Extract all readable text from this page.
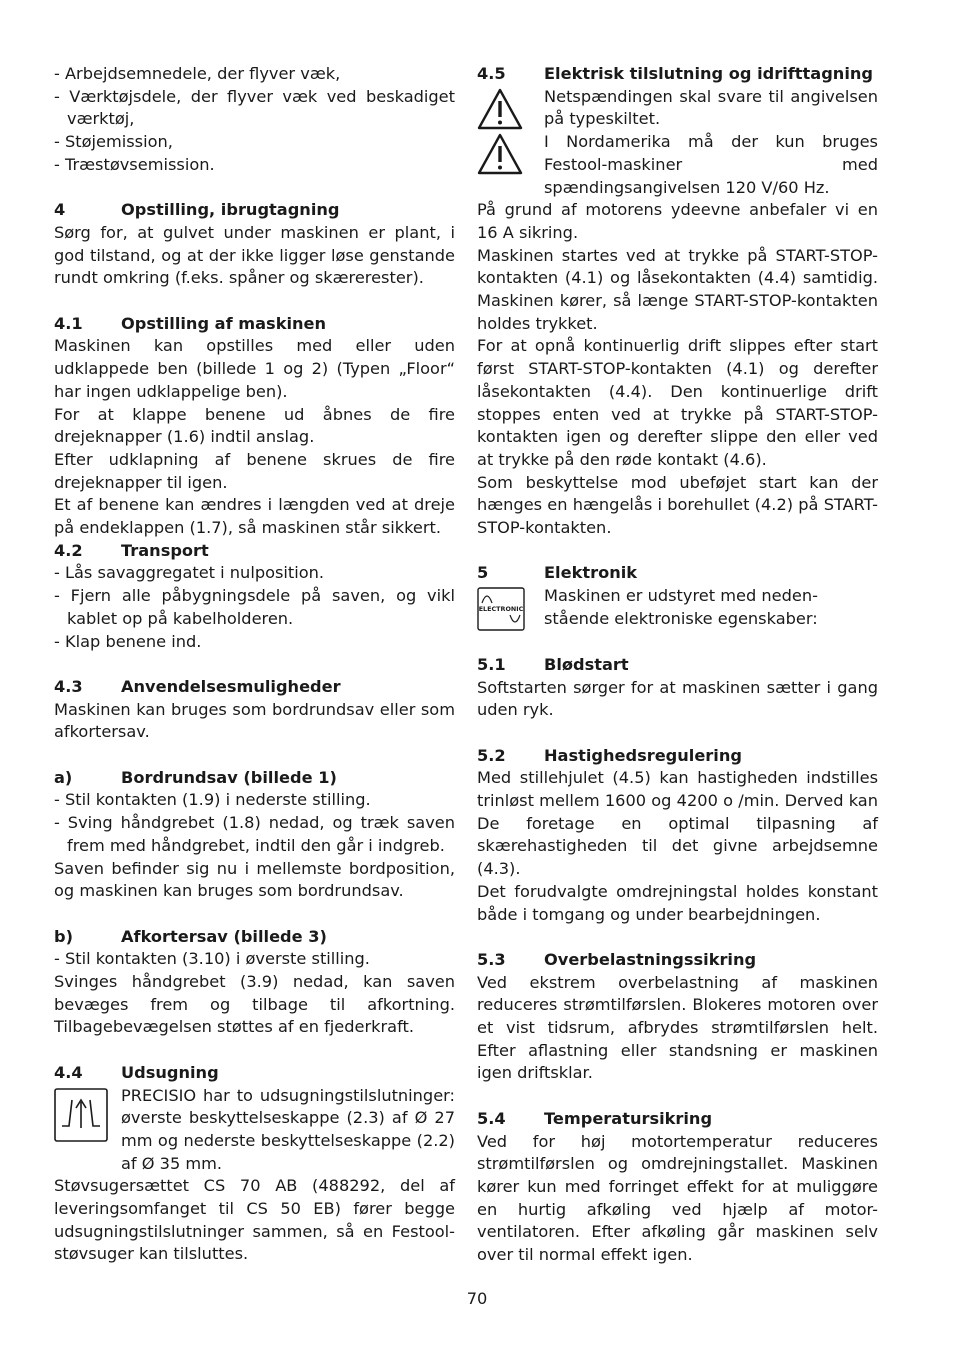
- Arbejdsemnedele, der flyver væk,

- Værktøjsdele, der flyver væk ved beskadiget værktøj,

- Støjemission,

- Træstøvsemission.

4	Opstilling, ibrugtagning

Sørg for, at gulvet under maskinen er plant, i god tilstand, og at der ikke ligger løse genstande rundt omkring (f.eks. spåner og skærerester).

4.1	Opstilling af maskinen

Maskinen kan opstilles med eller uden udklappede ben (billede 1 og 2) (Typen „Floor“ har ingen udklappelige ben).

For at klappe benene ud åbnes de fire drejeknapper (1.6) indtil anslag.

Efter udklapning af benene skrues de fire drejeknapper til igen.

Et af benene kan ændres i længden ved at dreje på endeklappen (1.7), så maskinen står sikkert.

4.2	Transport

- Lås savaggregatet i nulposition.

- Fjern alle påbygningsdele på saven, og vikl kablet op på kabelholderen.

- Klap benene ind.

4.3	Anvendelsesmuligheder

Maskinen kan bruges som bordrundsav eller som afkortersav.

a)	Bordrundsav (billede 1)

- Stil kontakten (1.9) i nederste stilling.

- Sving håndgrebet (1.8) nedad, og træk saven frem med håndgrebet, indtil den går i indgreb.

Saven befinder sig nu i mellemste bordposition, og maskinen kan bruges som bordrundsav.

b)	Afkortersav (billede 3)

- Stil kontakten (3.10) i øverste stilling.

Svinges håndgrebet (3.9) nedad, kan saven bevæges frem og tilbage til afkortning. Tilbagebevægelsen støttes af en fjederkraft.

4.4	Udsugning

PRECISIO har to udsugningstilslutninger: øverste beskyttelseskappe (2.3) af Ø 27 mm og nederste beskyttelseskappe (2.2) af Ø 35 mm.

Støvsugersættet CS 70 AB (488292, del af leveringsomfanget til CS 50 EB) fører begge udsugningstilslutninger sammen, så en Festool-støvsuger kan tilsluttes.

4.5	Elektrisk tilslutning og idrifttagning

Netspændingen skal svare til angivelsen på typeskiltet.

I Nordamerika må der kun bruges Festool-maskiner med spændingsangivelsen 120 V/60 Hz.

På grund af motorens ydeevne anbefaler vi en 16 A sikring.

Maskinen startes ved at trykke på START-STOP-kontakten (4.1) og låsekontakten (4.4) samtidig. Maskinen kører, så længe START-STOP-kontakten holdes trykket.

For at opnå kontinuerlig drift slippes efter start først START-STOP-kontakten (4.1) og derefter låsekontakten (4.4). Den kontinuerlige drift stoppes enten ved at trykke på START-STOP-kontakten igen og derefter slippe den eller ved at trykke på den røde kontakt (4.6).

Som beskyttelse mod ubeføjet start kan der hænges en hængelås i borehullet (4.2) på START-STOP-kontakten.

5	Elektronik
ELECTRONIC

Maskinen er udstyret med neden-stående elektroniske egenskaber:

5.1	Blødstart

Softstarten sørger for at maskinen sætter i gang uden ryk.

5.2	Hastighedsregulering

Med stillehjulet (4.5) kan hastigheden indstilles trinløst mellem 1600 og 4200 o /min. Derved kan De foretage en optimal tilpasning af skærehastigheden til det givne arbejdsemne (4.3).

Det forudvalgte omdrejningstal holdes konstant både i tomgang og under bearbejdningen.

5.3	Overbelastningssikring

Ved ekstrem overbelastning af maskinen reduceres strømtilførslen. Blokeres motoren over et vist tidsrum, afbrydes strømtilførslen helt. Efter aflastning eller standsning er maskinen igen driftsklar.

5.4	Temperatursikring

Ved for høj motortemperatur reduceres strømtilførslen og omdrejningstallet. Maskinen kører kun med forringet effekt for at muliggøre en hurtig afkøling ved hjælp af motor-ventilatoren. Efter afkøling går maskinen selv over til normal effekt igen.

70
